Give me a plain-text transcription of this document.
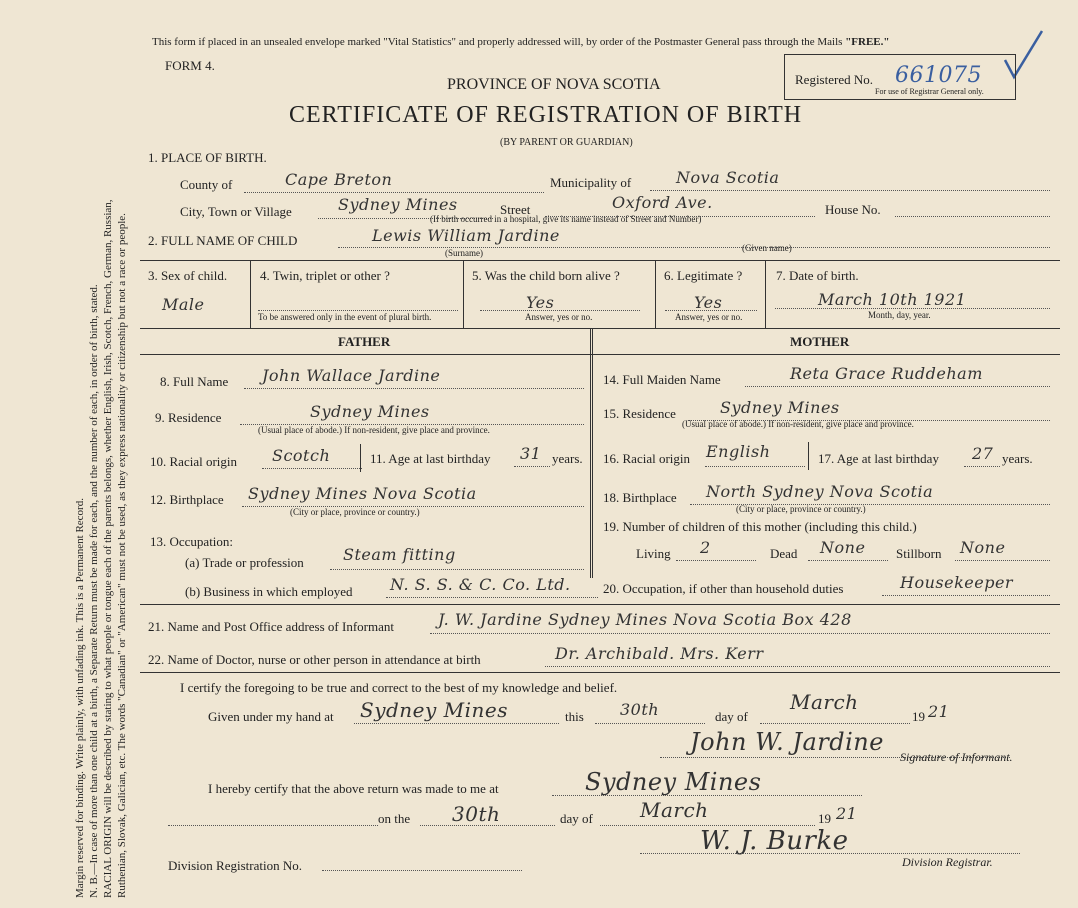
Margin reserved for binding. Write plainly, with unfading ink. This is a Permanent Record. N. B.—In case of more than one child at a birth, a Separate Return must be made for each, and the number of each, in order of birth, stated. RACIAL ORIGIN will be described by stating to what people or tongue each of the parents belongs, whether English, Irish, Scotch, French, German, Russian, Ruthenian, Slovak, Galician, etc. The words "Canadian" or "American" must not be used, as they express nationality or citizenship but not a race or people.
This form if placed in an unsealed envelope marked "Vital Statistics" and properly addressed will, by order of the Postmaster General pass through the Mails "FREE."
FORM 4.
PROVINCE OF NOVA SCOTIA
CERTIFICATE OF REGISTRATION OF BIRTH
(BY PARENT OR GUARDIAN)
Registered No. 661075
For use of Registrar General only.
1. PLACE OF BIRTH.
County of	Cape Breton	Municipality of	Nova Scotia
City, Town or Village	Sydney Mines	Street	Oxford Ave.	House No.
(If birth occurred in a hospital, give its name instead of Street and Number)
2. FULL NAME OF CHILD	Lewis William Jardine
(Surname)	(Given name)
3. Sex of child.
Male
4. Twin, triplet or other ?
To be answered only in the event of plural birth.
5. Was the child born alive ?
Yes
Answer, yes or no.
6. Legitimate ?
Yes
Answer, yes or no.
7. Date of birth.
March 10th 1921
Month, day, year.
FATHER	MOTHER
8. Full Name John Wallace Jardine
9. Residence	Sydney Mines
(Usual place of abode.) If non-resident, give place and province.
10. Racial origin Scotch	11. Age at last birthday 31 years.
12. Birthplace Sydney Mines Nova Scotia
(City or place, province or country.)
13. Occupation:
(a) Trade or profession Steam fitting
(b) Business in which employed N. S. S. & C. Co. Ltd.
14. Full Maiden Name	Reta Grace Ruddeham
15. Residence	Sydney Mines
(Usual place of abode.) If non-resident, give place and province.
16. Racial origin English	17. Age at last birthday 27 years.
18. Birthplace North Sydney Nova Scotia
(City or place, province or country.)
19. Number of children of this mother (including this child.)
Living 2	Dead None Stillborn None
20. Occupation, if other than household duties	Housekeeper
21. Name and Post Office address of Informant	J. W. Jardine Sydney Mines Nova Scotia Box 428
22. Name of Doctor, nurse or other person in attendance at birth	Dr. Archibald. Mrs. Kerr
I certify the foregoing to be true and correct to the best of my knowledge and belief.
Given under my hand at Sydney Mines	this 30th	day of
March
19 21
John W. Jardine
Signature of Informant.
I hereby certify that the above return was made to me at	Sydney Mines
on the 30th	day of March	19 21
W. J. Burke
Division Registration No.	Division Registrar.
